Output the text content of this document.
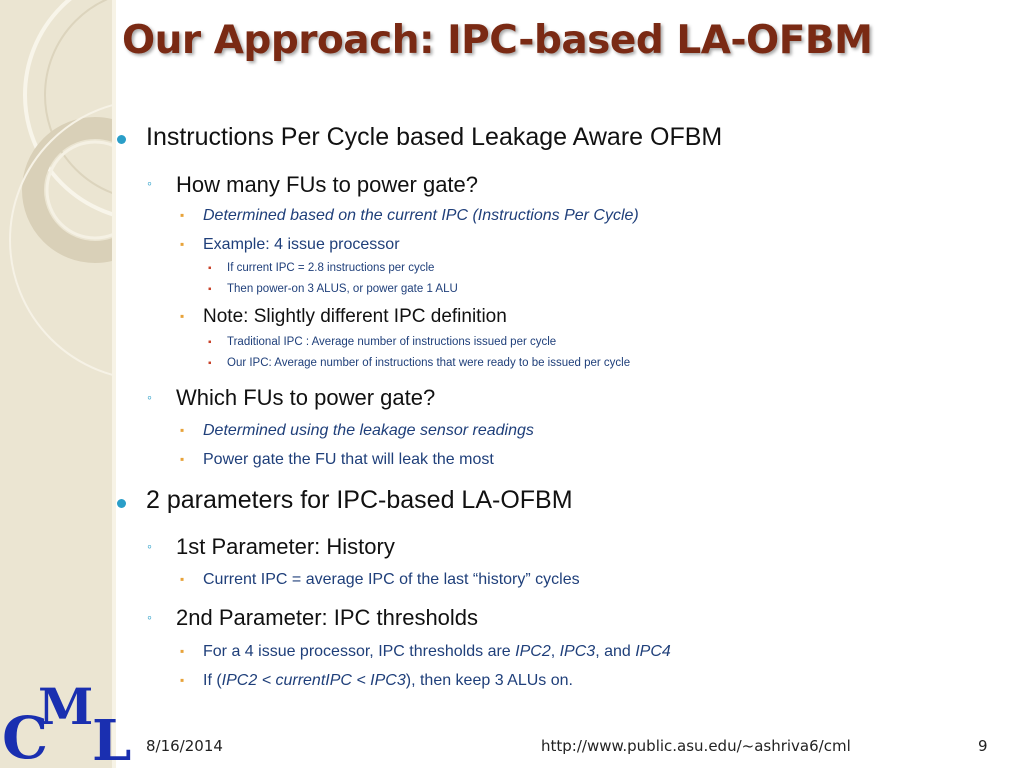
Our Approach: IPC-based LA-OFBM
Instructions Per Cycle based Leakage Aware OFBM
◦ How many FUs to power gate?
▪ Determined based on the current IPC (Instructions Per Cycle)
▪ Example: 4 issue processor
▪ If current IPC = 2.8 instructions per cycle
▪ Then power-on 3 ALUS, or power gate 1 ALU
▪ Note: Slightly different IPC definition
▪ Traditional IPC : Average number of instructions issued per cycle
▪ Our IPC: Average number of instructions that were ready to be issued per cycle
◦ Which FUs to power gate?
▪ Determined using the leakage sensor readings
▪ Power gate the FU that will leak the most
2 parameters for IPC-based LA-OFBM
◦ 1st Parameter: History
▪ Current IPC = average IPC of the last “history” cycles
◦ 2nd Parameter: IPC thresholds
▪ For a 4 issue processor, IPC thresholds are IPC2, IPC3, and IPC4
▪ If (IPC2 < currentIPC < IPC3), then keep 3 ALUs on.
C
M
L 8/16/2014	http://www.public.asu.edu/~ashriva6/cml	9
